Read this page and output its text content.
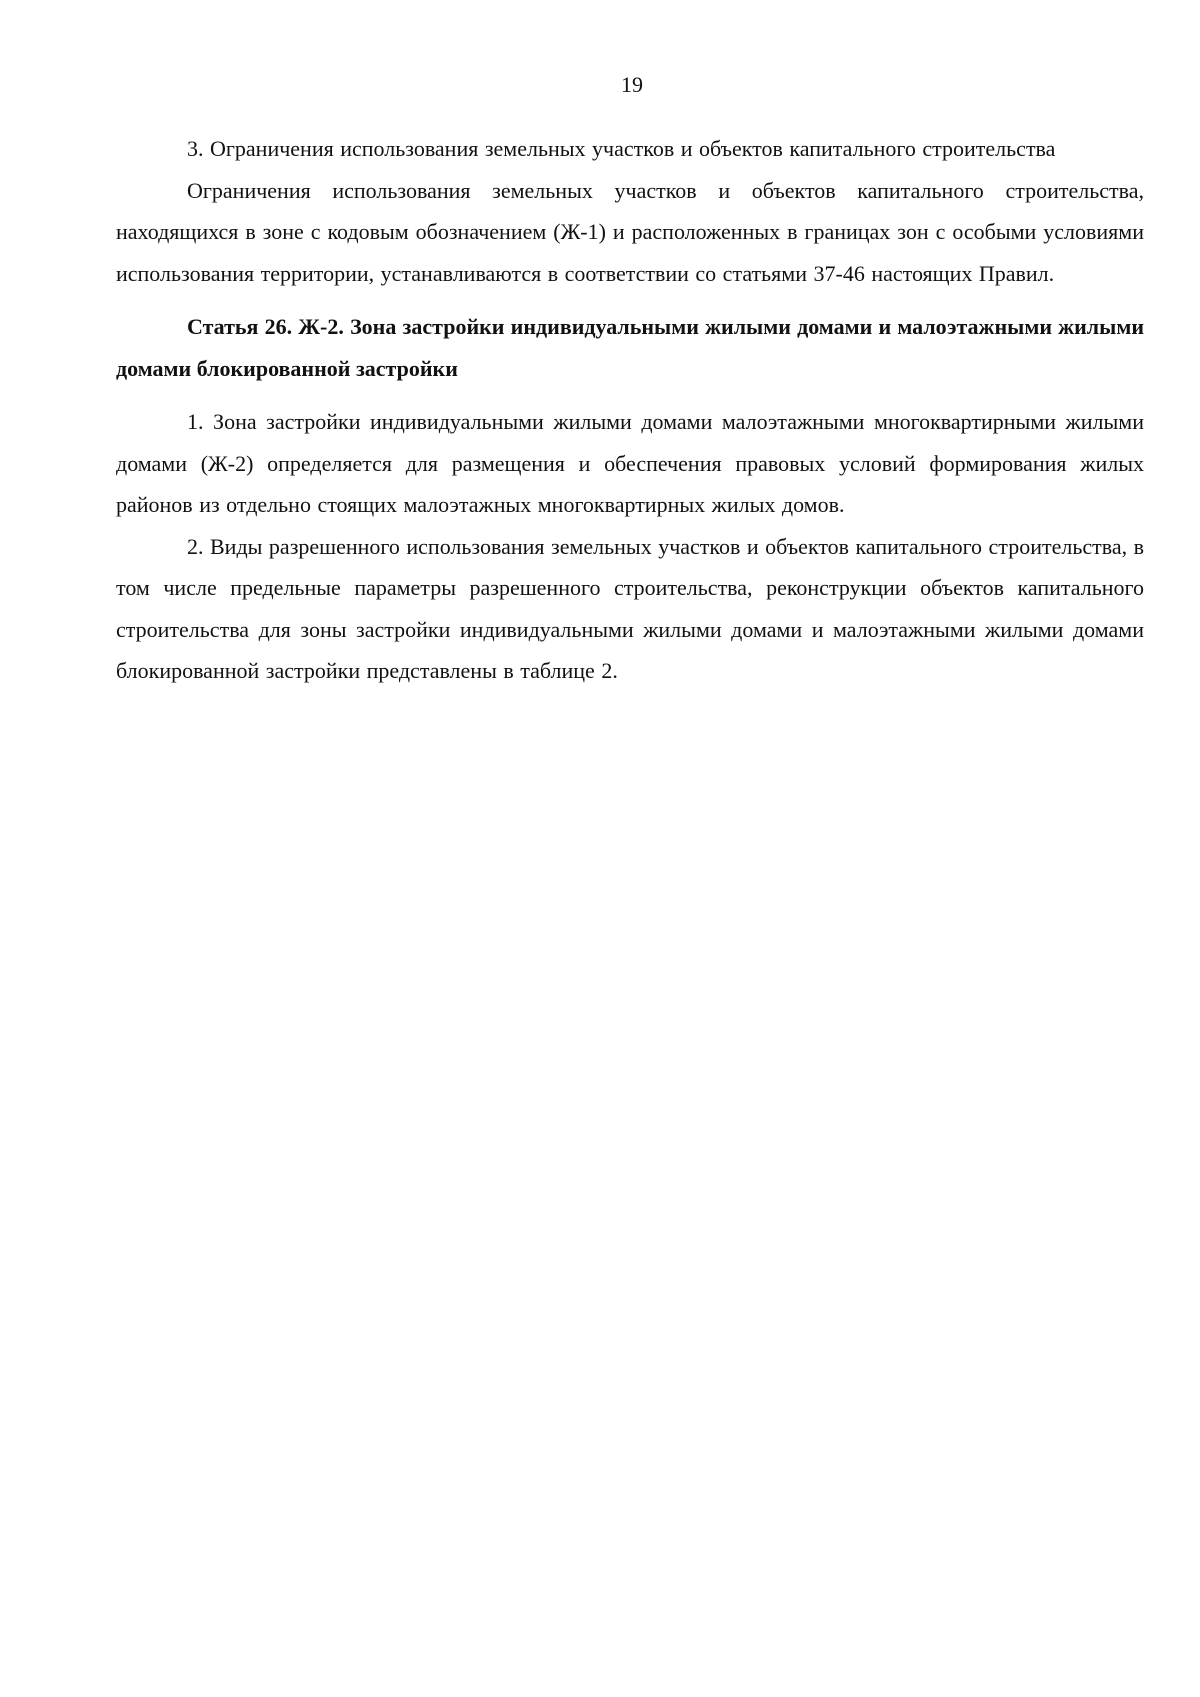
19

3. Ограничения использования земельных участков и объектов капитального строительства

Ограничения использования земельных участков и объектов капитального строительства, находящихся в зоне с кодовым обозначением (Ж-1) и расположенных в границах зон с особыми условиями использования территории, устанавливаются в соответствии со статьями 37-46 настоящих Правил.

Статья 26. Ж-2. Зона застройки индивидуальными жилыми домами и малоэтажными жилыми домами блокированной застройки

1. Зона застройки индивидуальными жилыми домами малоэтажными многоквартирными жилыми домами (Ж-2) определяется для размещения и обеспечения правовых условий формирования жилых районов из отдельно стоящих малоэтажных многоквартирных жилых домов.

2. Виды разрешенного использования земельных участков и объектов капитального строительства, в том числе предельные параметры разрешенного строительства, реконструкции объектов капитального строительства для зоны застройки индивидуальными жилыми домами и малоэтажными жилыми домами блокированной застройки представлены в таблице 2.
